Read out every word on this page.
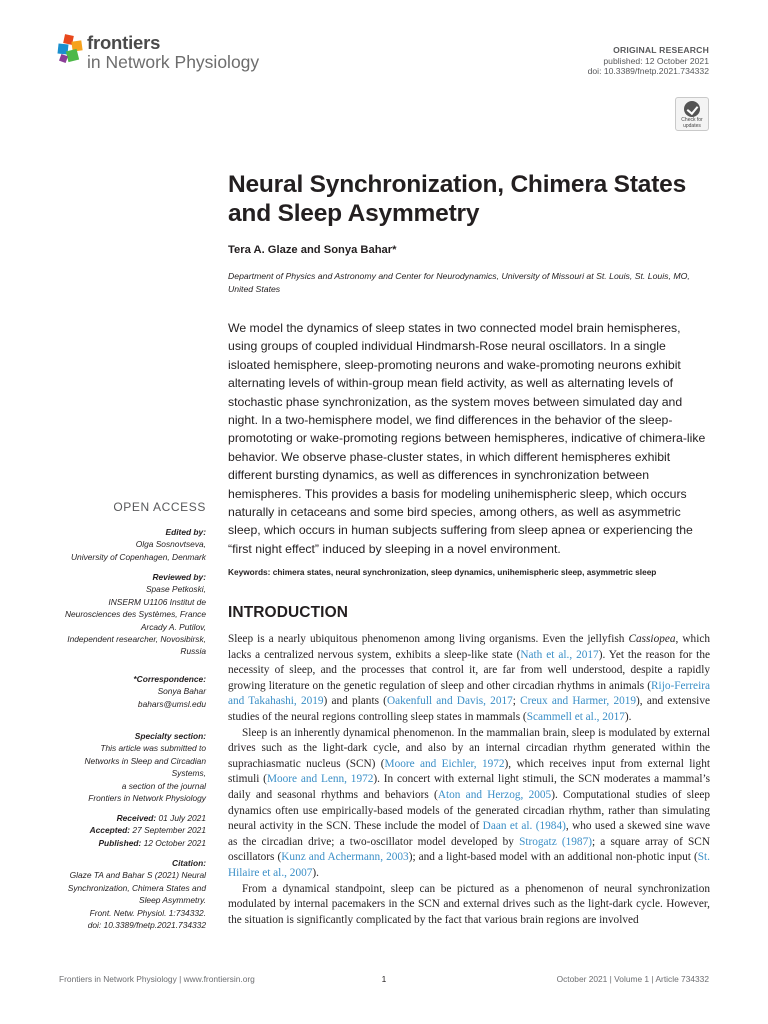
frontiers
in Network Physiology
ORIGINAL RESEARCH
published: 12 October 2021
doi: 10.3389/fnetp.2021.734332
Check for updates
Neural Synchronization, Chimera States and Sleep Asymmetry
Tera A. Glaze and Sonya Bahar*
Department of Physics and Astronomy and Center for Neurodynamics, University of Missouri at St. Louis, St. Louis, MO, United States
We model the dynamics of sleep states in two connected model brain hemispheres, using groups of coupled individual Hindmarsh-Rose neural oscillators. In a single isloated hemisphere, sleep-promoting neurons and wake-promoting neurons exhibit alternating levels of within-group mean field activity, as well as alternating levels of stochastic phase synchronization, as the system moves between simulated day and night. In a two-hemisphere model, we find differences in the behavior of the sleep-promototing or wake-promoting regions between hemispheres, indicative of chimera-like behavior. We observe phase-cluster states, in which different hemispheres exhibit different bursting dynamics, as well as differences in synchronization between hemispheres. This provides a basis for modeling unihemispheric sleep, which occurs naturally in cetaceans and some bird species, among others, as well as asymmetric sleep, which occurs in human subjects suffering from sleep apnea or experiencing the “first night effect” induced by sleeping in a novel environment.
Keywords: chimera states, neural synchronization, sleep dynamics, unihemispheric sleep, asymmetric sleep
OPEN ACCESS
Edited by:
Olga Sosnovtseva,
University of Copenhagen, Denmark
Reviewed by:
Spase Petkoski,
INSERM U1106 Institut de
Neurosciences des Systèmes, France
Arcady A. Putilov,
Independent researcher, Novosibirsk,
Russia
*Correspondence:
Sonya Bahar
bahars@umsl.edu
Specialty section:
This article was submitted to
Networks in Sleep and Circadian
Systems,
a section of the journal
Frontiers in Network Physiology
Received: 01 July 2021
Accepted: 27 September 2021
Published: 12 October 2021
Citation:
Glaze TA and Bahar S (2021) Neural
Synchronization, Chimera States and
Sleep Asymmetry.
Front. Netw. Physiol. 1:734332.
doi: 10.3389/fnetp.2021.734332
INTRODUCTION

Sleep is a nearly ubiquitous phenomenon among living organisms. Even the jellyfish Cassiopea, which lacks a centralized nervous system, exhibits a sleep-like state (Nath et al., 2017). Yet the reason for the necessity of sleep, and the processes that control it, are far from well understood, despite a rapidly growing literature on the genetic regulation of sleep and other circadian rhythms in animals (Rijo-Ferreira and Takahashi, 2019) and plants (Oakenfull and Davis, 2017; Creux and Harmer, 2019), and extensive studies of the neural regions controlling sleep states in mammals (Scammell et al., 2017).

Sleep is an inherently dynamical phenomenon. In the mammalian brain, sleep is modulated by external drives such as the light-dark cycle, and also by an internal circadian rhythm generated within the suprachiasmatic nucleus (SCN) (Moore and Eichler, 1972), which receives input from external light stimuli (Moore and Lenn, 1972). In concert with external light stimuli, the SCN moderates a mammal’s daily and seasonal rhythms and behaviors (Aton and Herzog, 2005). Computational studies of sleep dynamics often use empirically-based models of the generated circadian rhythm, rather than simulating neural activity in the SCN. These include the model of Daan et al. (1984), who used a skewed sine wave as the circadian drive; a two-oscillator model developed by Strogatz (1987); a square array of SCN oscillators (Kunz and Achermann, 2003); and a light-based model with an additional non-photic input (St. Hilaire et al., 2007).

From a dynamical standpoint, sleep can be pictured as a phenomenon of neural synchronization modulated by internal pacemakers in the SCN and external drives such as the light-dark cycle. However, the situation is significantly complicated by the fact that various brain regions are involved

Frontiers in Network Physiology | www.frontiersin.org	1	October 2021 | Volume 1 | Article 734332
